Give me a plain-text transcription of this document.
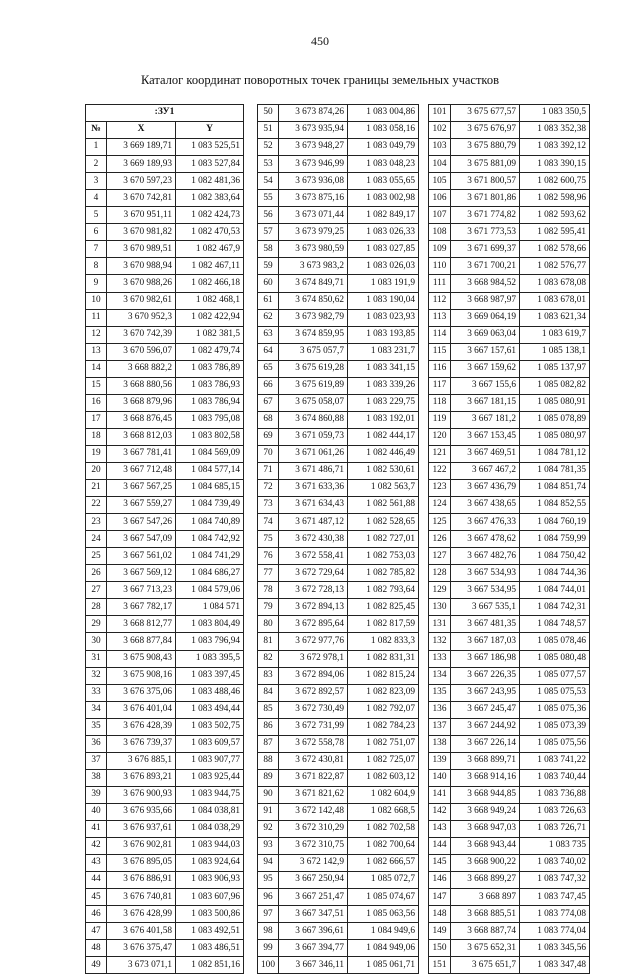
450
Каталог координат поворотных точек границы земельных участков
:ЗУ1		
№	X	Y
1	3 669 189,71	1 083 525,51
2	3 669 189,93	1 083 527,84
3	3 670 597,23	1 082 481,36
4	3 670 742,81	1 082 383,64
5	3 670 951,11	1 082 424,73
6	3 670 981,82	1 082 470,53
7	3 670 989,51	1 082 467,9
8	3 670 988,94	1 082 467,11
9	3 670 988,26	1 082 466,18
10	3 670 982,61	1 082 468,1
11	3 670 952,3	1 082 422,94
12	3 670 742,39	1 082 381,5
13	3 670 596,07	1 082 479,74
14	3 668 882,2	1 083 786,89
15	3 668 880,56	1 083 786,93
16	3 668 879,96	1 083 786,94
17	3 668 876,45	1 083 795,08
18	3 668 812,03	1 083 802,58
19	3 667 781,41	1 084 569,09
20	3 667 712,48	1 084 577,14
21	3 667 567,25	1 084 685,15
22	3 667 559,27	1 084 739,49
23	3 667 547,26	1 084 740,89
24	3 667 547,09	1 084 742,92
25	3 667 561,02	1 084 741,29
26	3 667 569,12	1 084 686,27
27	3 667 713,23	1 084 579,06
28	3 667 782,17	1 084 571
29	3 668 812,77	1 083 804,49
30	3 668 877,84	1 083 796,94
31	3 675 908,43	1 083 395,5
32	3 675 908,16	1 083 397,45
33	3 676 375,06	1 083 488,46
34	3 676 401,04	1 083 494,44
35	3 676 428,39	1 083 502,75
36	3 676 739,37	1 083 609,57
37	3 676 885,1	1 083 907,77
38	3 676 893,21	1 083 925,44
39	3 676 900,93	1 083 944,75
40	3 676 935,66	1 084 038,81
41	3 676 937,61	1 084 038,29
42	3 676 902,81	1 083 944,03
43	3 676 895,05	1 083 924,64
44	3 676 886,91	1 083 906,93
45	3 676 740,81	1 083 607,96
46	3 676 428,99	1 083 500,86
47	3 676 401,58	1 083 492,51
48	3 676 375,47	1 083 486,51
49	3 673 071,1	1 082 851,16
50	3 673 874,26	1 083 004,86
51	3 673 935,94	1 083 058,16
52	3 673 948,27	1 083 049,79
53	3 673 946,99	1 083 048,23
54	3 673 936,08	1 083 055,65
55	3 673 875,16	1 083 002,98
56	3 673 071,44	1 082 849,17
57	3 673 979,25	1 083 026,33
58	3 673 980,59	1 083 027,85
59	3 673 983,2	1 083 026,03
60	3 674 849,71	1 083 191,9
61	3 674 850,62	1 083 190,04
62	3 673 982,79	1 083 023,93
63	3 674 859,95	1 083 193,85
64	3 675 057,7	1 083 231,7
65	3 675 619,28	1 083 341,15
66	3 675 619,89	1 083 339,26
67	3 675 058,07	1 083 229,75
68	3 674 860,88	1 083 192,01
69	3 671 059,73	1 082 444,17
70	3 671 061,26	1 082 446,49
71	3 671 486,71	1 082 530,61
72	3 671 633,36	1 082 563,7
73	3 671 634,43	1 082 561,88
74	3 671 487,12	1 082 528,65
75	3 672 430,38	1 082 727,01
76	3 672 558,41	1 082 753,03
77	3 672 729,64	1 082 785,82
78	3 672 728,13	1 082 793,64
79	3 672 894,13	1 082 825,45
80	3 672 895,64	1 082 817,59
81	3 672 977,76	1 082 833,3
82	3 672 978,1	1 082 831,31
83	3 672 894,06	1 082 815,24
84	3 672 892,57	1 082 823,09
85	3 672 730,49	1 082 792,07
86	3 672 731,99	1 082 784,23
87	3 672 558,78	1 082 751,07
88	3 672 430,81	1 082 725,07
89	3 671 822,87	1 082 603,12
90	3 671 821,62	1 082 604,9
91	3 672 142,48	1 082 668,5
92	3 672 310,29	1 082 702,58
93	3 672 310,75	1 082 700,64
94	3 672 142,9	1 082 666,57
95	3 667 250,94	1 085 072,7
96	3 667 251,47	1 085 074,67
97	3 667 347,51	1 085 063,56
98	3 667 396,61	1 084 949,6
99	3 667 394,77	1 084 949,06
100	3 667 346,11	1 085 061,71
101	3 675 677,57	1 083 350,5
102	3 675 676,97	1 083 352,38
103	3 675 880,79	1 083 392,12
104	3 675 881,09	1 083 390,15
105	3 671 800,57	1 082 600,75
106	3 671 801,86	1 082 598,96
107	3 671 774,82	1 082 593,62
108	3 671 773,53	1 082 595,41
109	3 671 699,37	1 082 578,66
110	3 671 700,21	1 082 576,77
111	3 668 984,52	1 083 678,08
112	3 668 987,97	1 083 678,01
113	3 669 064,19	1 083 621,34
114	3 669 063,04	1 083 619,7
115	3 667 157,61	1 085 138,1
116	3 667 159,62	1 085 137,97
117	3 667 155,6	1 085 082,82
118	3 667 181,15	1 085 080,91
119	3 667 181,2	1 085 078,89
120	3 667 153,45	1 085 080,97
121	3 667 469,51	1 084 781,12
122	3 667 467,2	1 084 781,35
123	3 667 436,79	1 084 851,74
124	3 667 438,65	1 084 852,55
125	3 667 476,33	1 084 760,19
126	3 667 478,62	1 084 759,99
127	3 667 482,76	1 084 750,42
128	3 667 534,93	1 084 744,36
129	3 667 534,95	1 084 744,01
130	3 667 535,1	1 084 742,31
131	3 667 481,35	1 084 748,57
132	3 667 187,03	1 085 078,46
133	3 667 186,98	1 085 080,48
134	3 667 226,35	1 085 077,57
135	3 667 243,95	1 085 075,53
136	3 667 245,47	1 085 075,36
137	3 667 244,92	1 085 073,39
138	3 667 226,14	1 085 075,56
139	3 668 899,71	1 083 741,22
140	3 668 914,16	1 083 740,44
141	3 668 944,85	1 083 736,88
142	3 668 949,24	1 083 726,63
143	3 668 947,03	1 083 726,71
144	3 668 943,44	1 083 735
145	3 668 900,22	1 083 740,02
146	3 668 899,27	1 083 747,32
147	3 668 897	1 083 747,45
148	3 668 885,51	1 083 774,08
149	3 668 887,74	1 083 774,04
150	3 675 652,31	1 083 345,56
151	3 675 651,7	1 083 347,48
